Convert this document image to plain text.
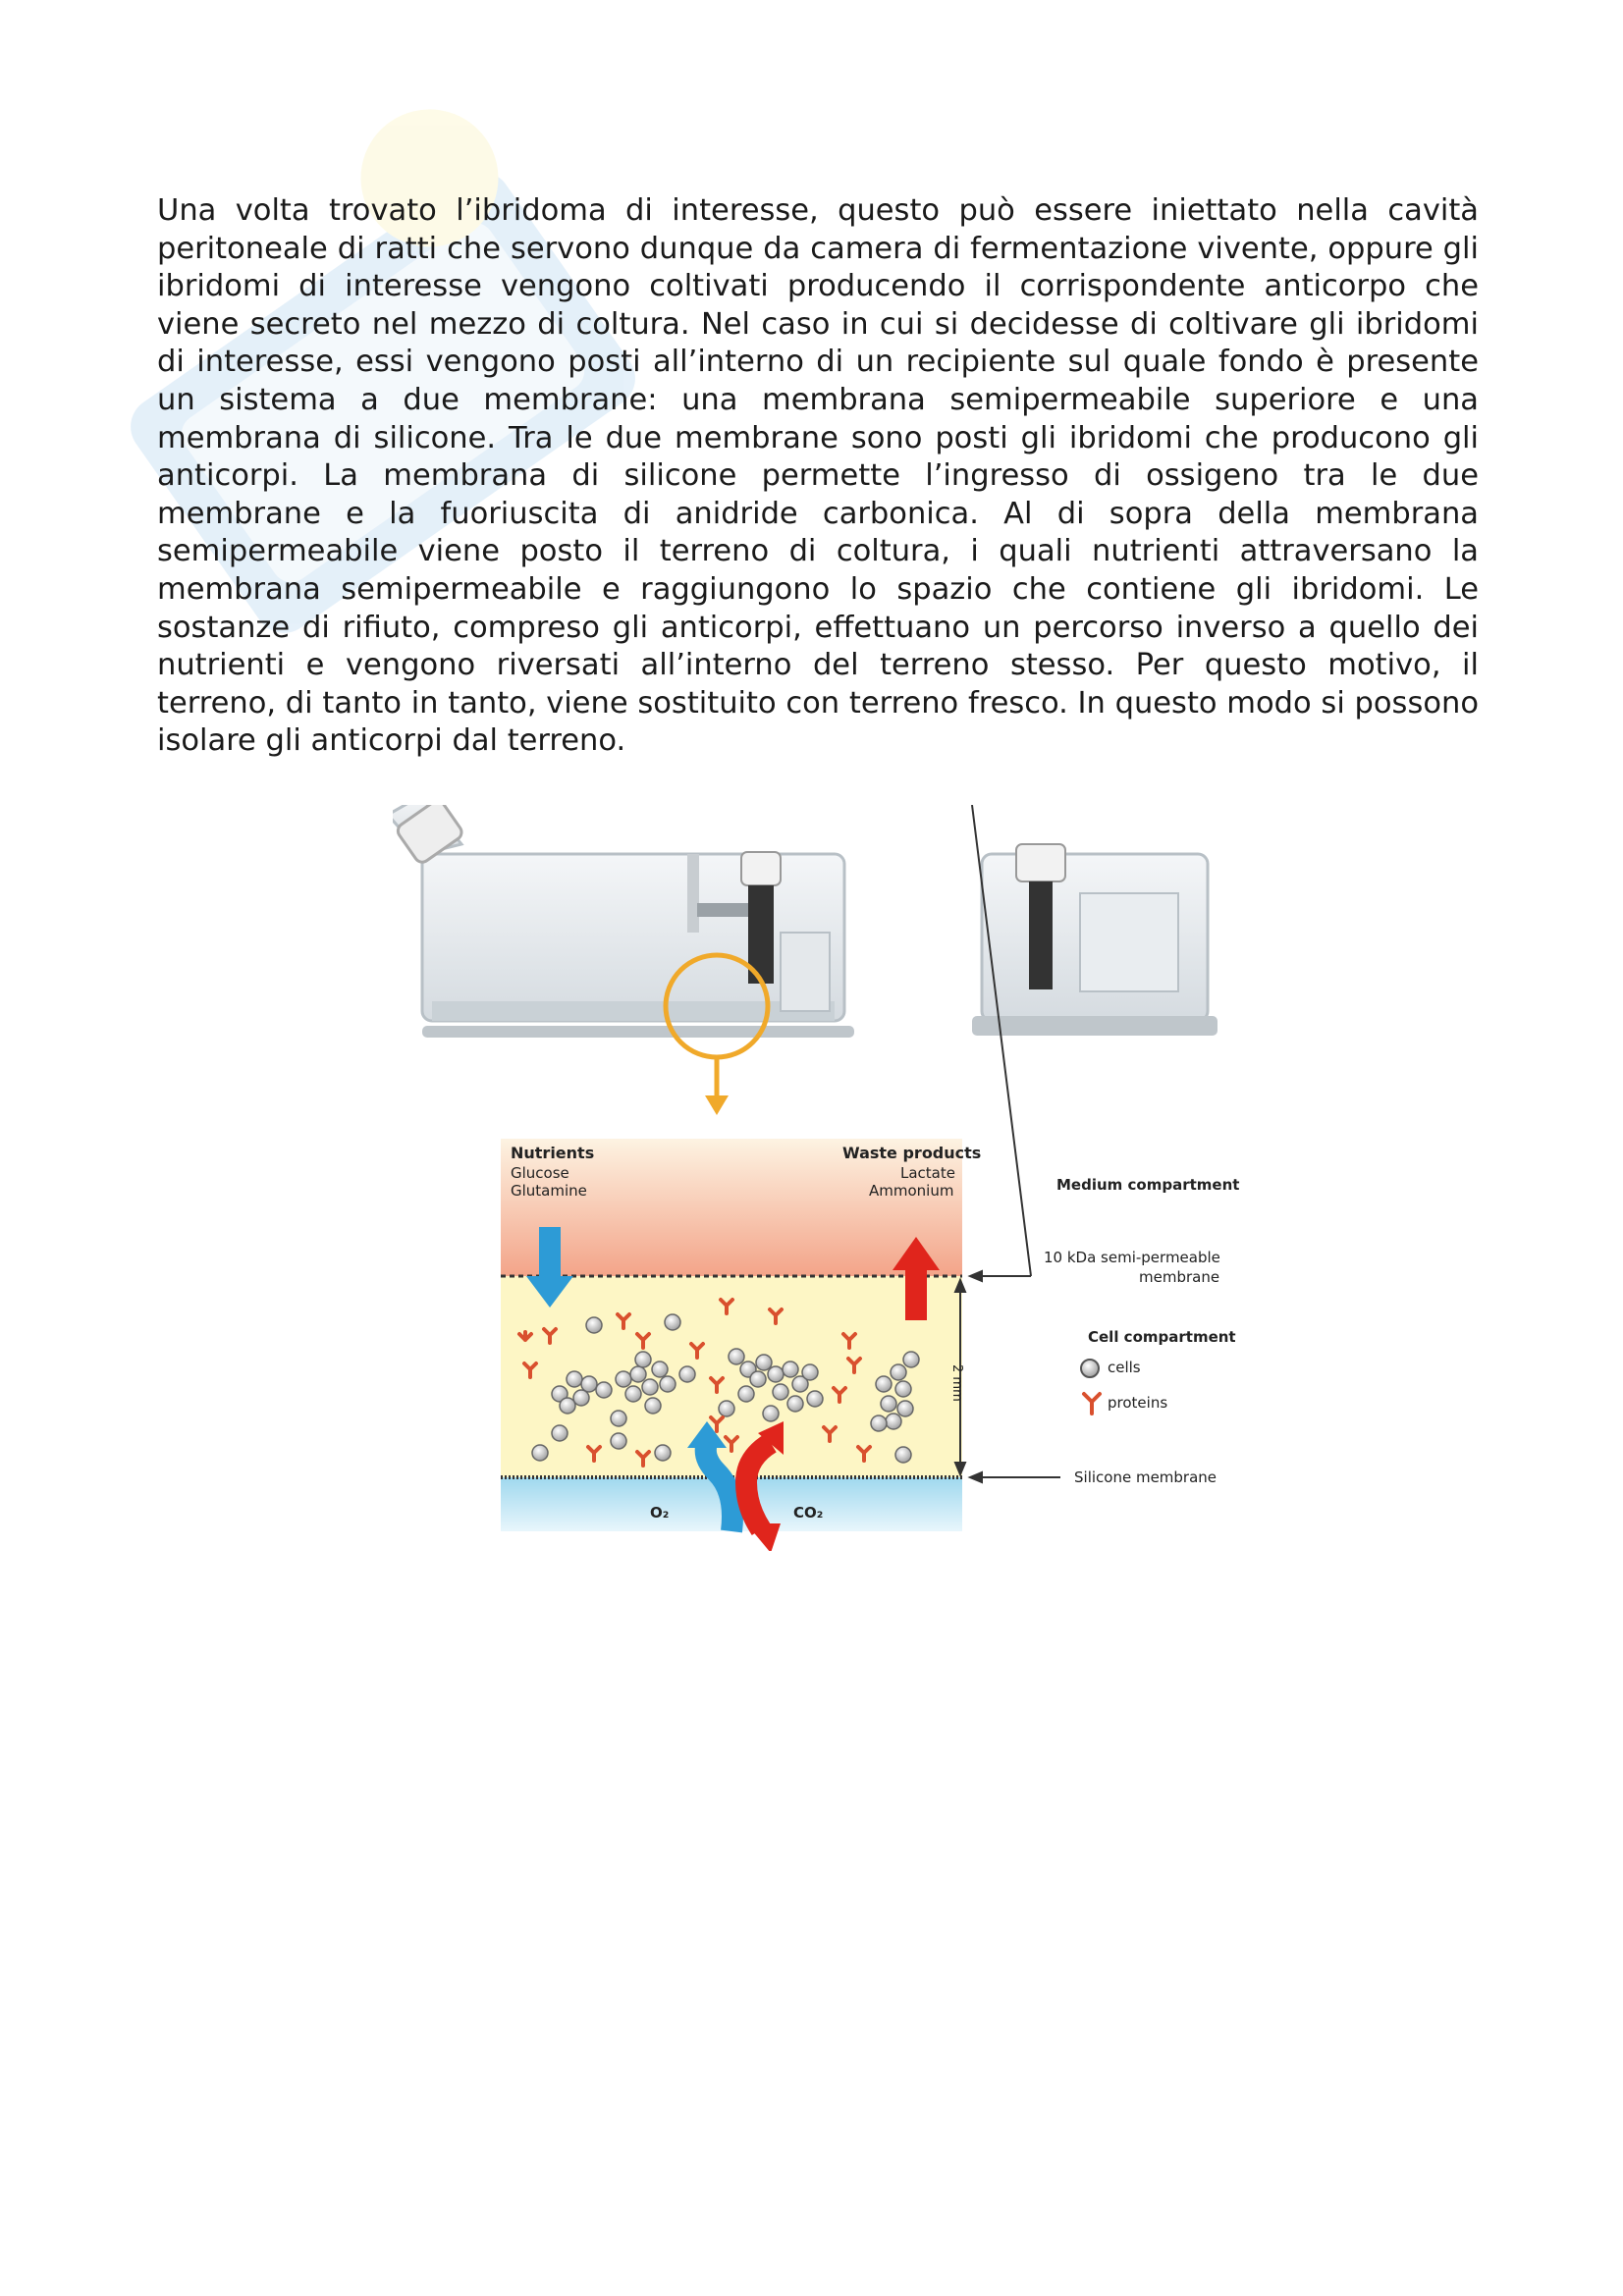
Una volta trovato l’ibridoma di interesse, questo può essere iniettato nella cavità peritoneale di ratti che servono dunque da camera di fermentazione vivente, oppure gli ibridomi di interesse vengono coltivati producendo il corrispondente anticorpo che viene secreto nel mezzo di coltura. Nel caso in cui si decidesse di coltivare gli ibridomi di interesse, essi vengono posti all’interno di un recipiente sul quale fondo è presente un sistema a due membrane: una membrana semipermeabile superiore e una membrana di silicone. Tra le due membrane sono posti gli ibridomi che producono gli anticorpi. La membrana di silicone permette l’ingresso di ossigeno tra le due membrane e la fuoriuscita di anidride carbonica. Al di sopra della membrana semipermeabile viene posto il terreno di coltura, i quali nutrienti attraversano la membrana semipermeabile e raggiungono lo spazio che contiene gli ibridomi. Le sostanze di rifiuto, compreso gli anticorpi, effettuano un percorso inverso a quello dei nutrienti e vengono riversati all’interno del terreno stesso. Per questo motivo, il terreno, di tanto in tanto, viene sostituito con terreno fresco. In questo modo si possono isolare gli anticorpi dal terreno.

Nutrients
Glucose
Glutamine
Waste products
Lactate
Ammonium	Medium compartment
10 kDa semi-permeable
membrane
Cell compartment
cells
proteins
Silicone membrane
2 mm
O₂	CO₂
